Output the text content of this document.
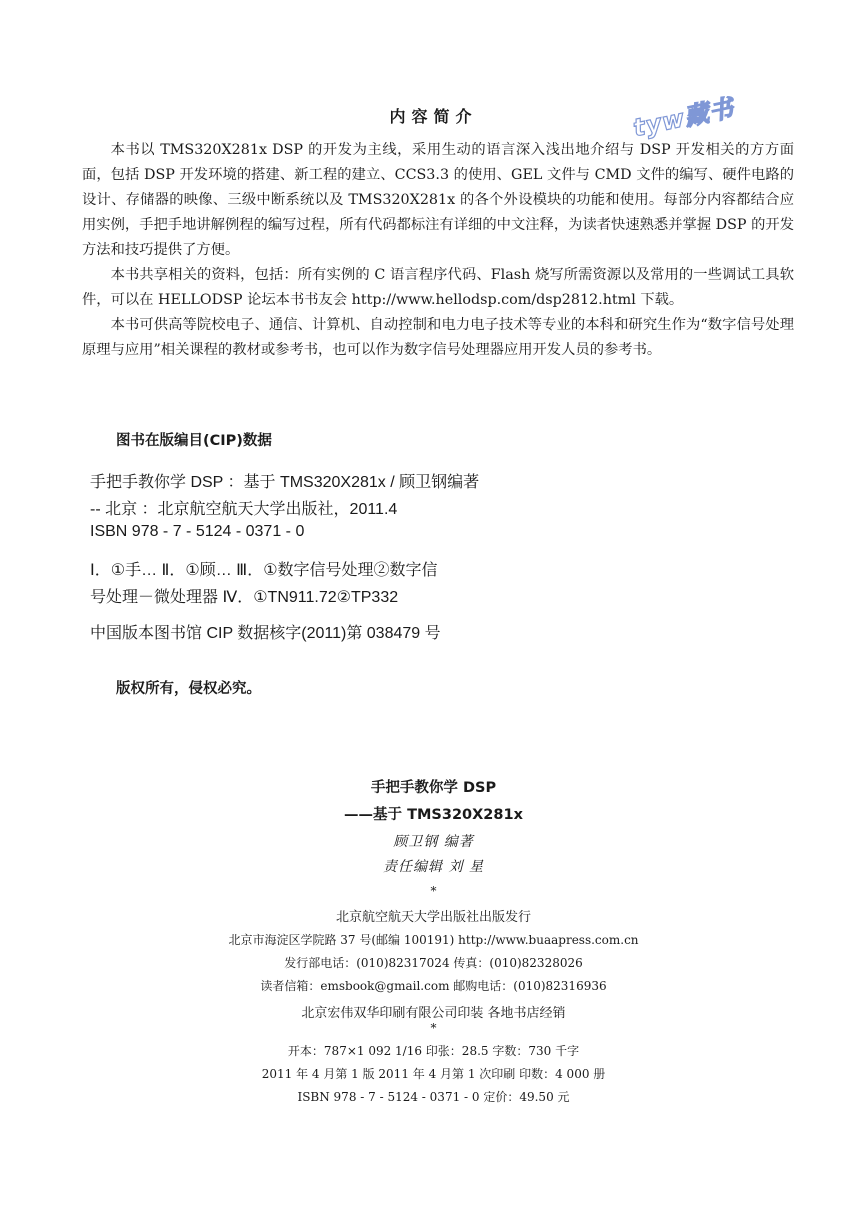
内容简介	tyw藏书

本书以 TMS320X281x DSP 的开发为主线，采用生动的语言深入浅出地介绍与 DSP 开发相关的方方面面，包括 DSP 开发环境的搭建、新工程的建立、CCS3.3 的使用、GEL 文件与 CMD 文件的编写、硬件电路的设计、存储器的映像、三级中断系统以及 TMS320X281x 的各个外设模块的功能和使用。每部分内容都结合应用实例，手把手地讲解例程的编写过程，所有代码都标注有详细的中文注释，为读者快速熟悉并掌握 DSP 的开发方法和技巧提供了方便。

本书共享相关的资料，包括：所有实例的 C 语言程序代码、Flash 烧写所需资源以及常用的一些调试工具软件，可以在 HELLODSP 论坛本书书友会 http://www.hellodsp.com/dsp2812.html 下载。

本书可供高等院校电子、通信、计算机、自动控制和电力电子技术等专业的本科和研究生作为“数字信号处理原理与应用”相关课程的教材或参考书，也可以作为数字信号处理器应用开发人员的参考书。

图书在版编目(CIP)数据
手把手教你学 DSP ：基于 TMS320X281x / 顾卫钢编著
-- 北京 ：北京航空航天大学出版社，2011.4
ISBN 978 - 7 - 5124 - 0371 - 0
Ⅰ．①手… Ⅱ．①顾… Ⅲ．①数字信号处理②数字信
号处理－微处理器 Ⅳ．①TN911.72②TP332
中国版本图书馆 CIP 数据核字(2011)第 038479 号
版权所有，侵权必究。
手把手教你学 DSP
——基于 TMS320X281x
顾卫钢 编著
责任编辑 刘 星
*
北京航空航天大学出版社出版发行
北京市海淀区学院路 37 号(邮编 100191) http://www.buaapress.com.cn
发行部电话：(010)82317024 传真：(010)82328026
读者信箱：emsbook@gmail.com 邮购电话：(010)82316936
北京宏伟双华印刷有限公司印装 各地书店经销
*
开本：787×1 092 1/16 印张：28.5 字数：730 千字
2011 年 4 月第 1 版 2011 年 4 月第 1 次印刷 印数：4 000 册
ISBN 978 - 7 - 5124 - 0371 - 0 定价：49.50 元
